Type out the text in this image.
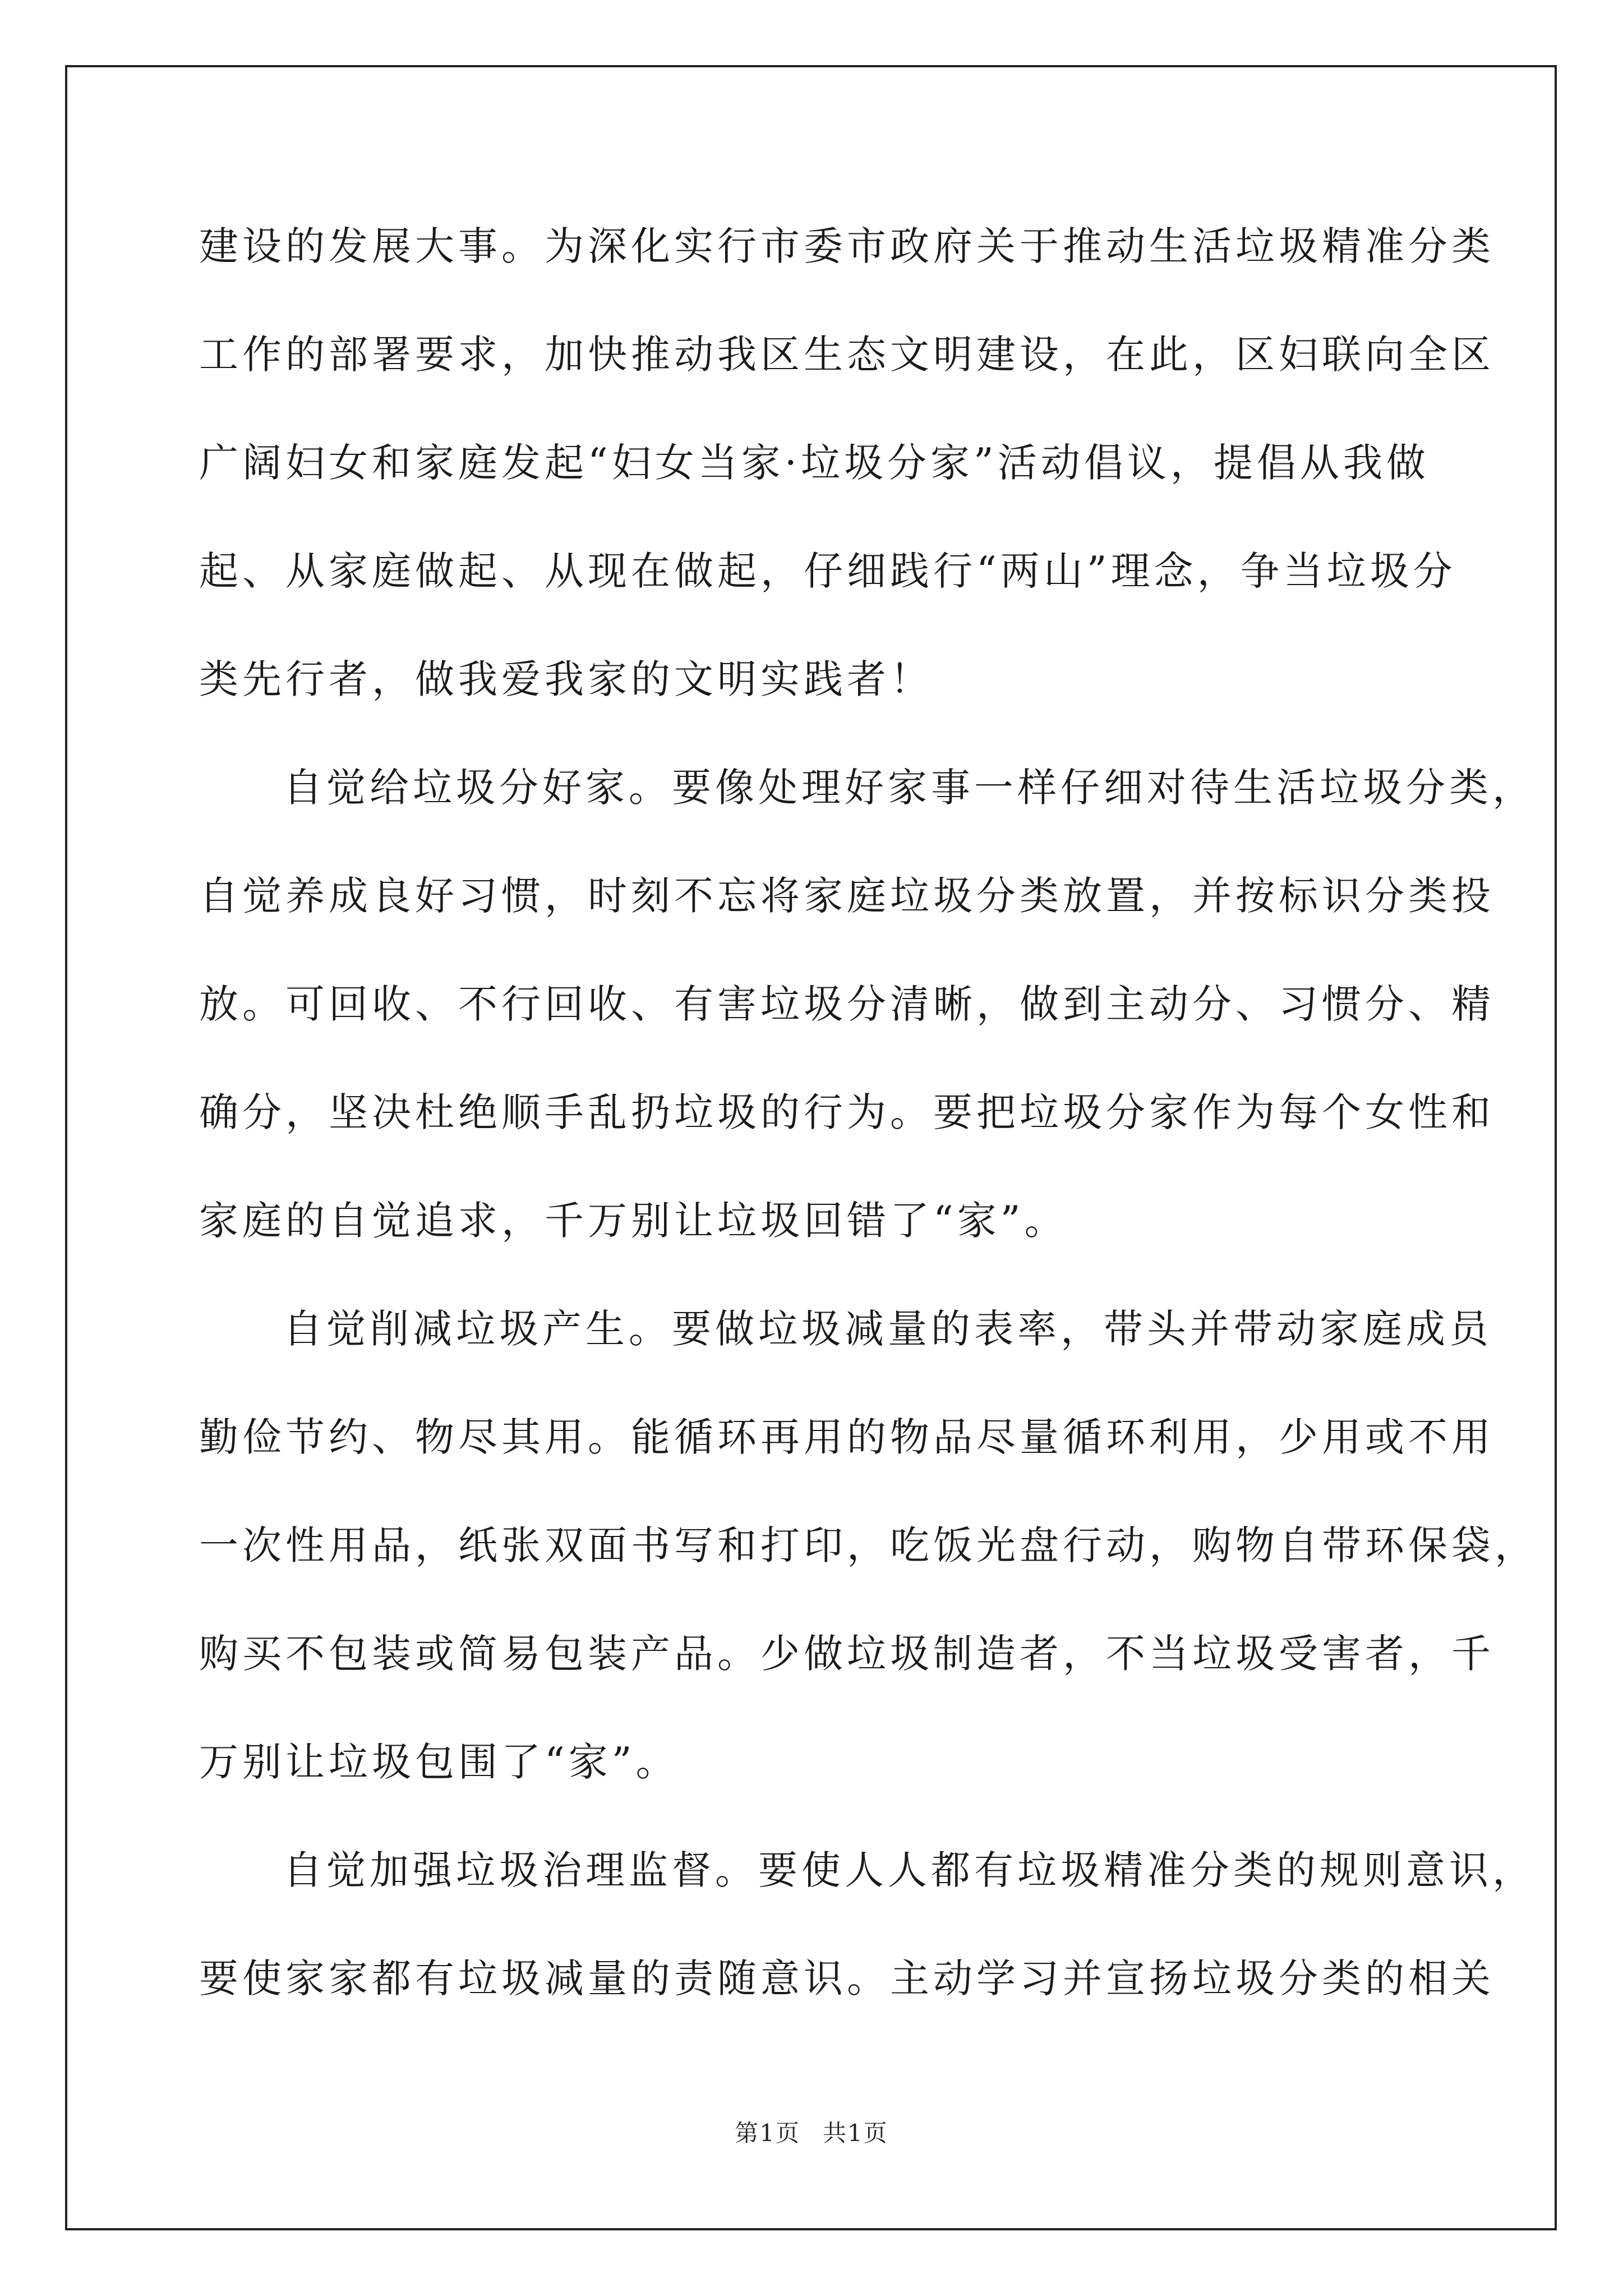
建设的发展大事。为深化实行市委市政府关于推动生活垃圾精准分类
工作的部署要求，加快推动我区生态文明建设，在此，区妇联向全区
广阔妇女和家庭发起“妇女当家·垃圾分家”活动倡议，提倡从我做
起、从家庭做起、从现在做起，仔细践行“两山”理念，争当垃圾分
类先行者，做我爱我家的文明实践者！
自觉给垃圾分好家。要像处理好家事一样仔细对待生活垃圾分类，
自觉养成良好习惯，时刻不忘将家庭垃圾分类放置，并按标识分类投
放。可回收、不行回收、有害垃圾分清晰，做到主动分、习惯分、精
确分，坚决杜绝顺手乱扔垃圾的行为。要把垃圾分家作为每个女性和
家庭的自觉追求，千万别让垃圾回错了“家”。
自觉削减垃圾产生。要做垃圾减量的表率，带头并带动家庭成员
勤俭节约、物尽其用。能循环再用的物品尽量循环利用，少用或不用
一次性用品，纸张双面书写和打印，吃饭光盘行动，购物自带环保袋，
购买不包装或简易包装产品。少做垃圾制造者，不当垃圾受害者，千
万别让垃圾包围了“家”。
自觉加强垃圾治理监督。要使人人都有垃圾精准分类的规则意识，
要使家家都有垃圾减量的责随意识。主动学习并宣扬垃圾分类的相关
第1页 共1页
